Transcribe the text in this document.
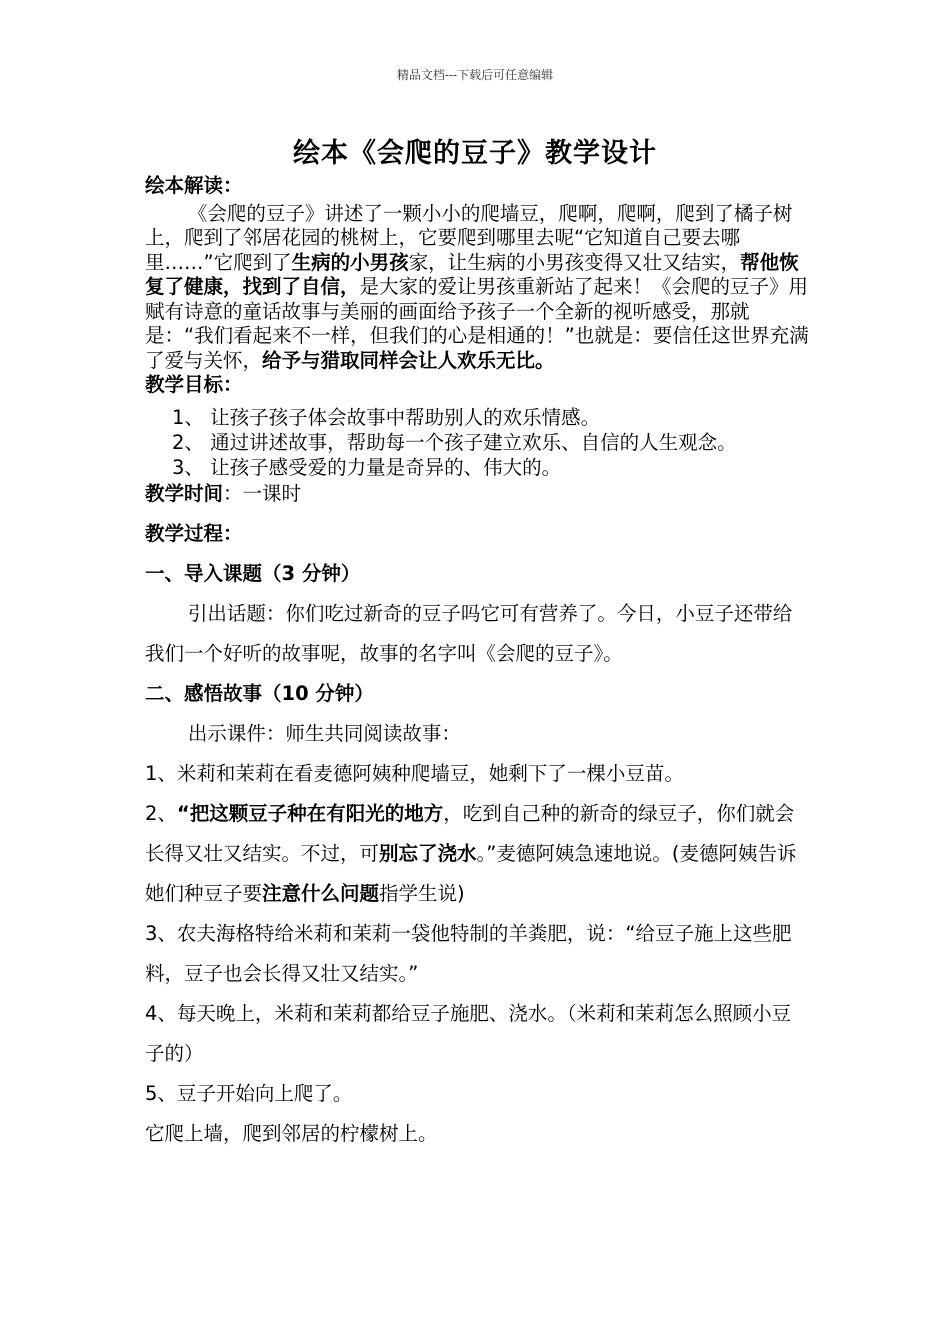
精品文档---下载后可任意编辑
绘本《会爬的豆子》教学设计

绘本解读：

《会爬的豆子》讲述了一颗小小的爬墙豆，爬啊，爬啊，爬到了橘子树上，爬到了邻居花园的桃树上，它要爬到哪里去呢“它知道自己要去哪里……”它爬到了生病的小男孩家，让生病的小男孩变得又壮又结实，帮他恢复了健康，找到了自信，是大家的爱让男孩重新站了起来！《会爬的豆子》用赋有诗意的童话故事与美丽的画面给予孩子一个全新的视听感受，那就是：“我们看起来不一样，但我们的心是相通的！”也就是：要信任这世界充满了爱与关怀，给予与猎取同样会让人欢乐无比。

教学目标：

1、 让孩子孩子体会故事中帮助别人的欢乐情感。

2、 通过讲述故事，帮助每一个孩子建立欢乐、自信的人生观念。

3、 让孩子感受爱的力量是奇异的、伟大的。

教学时间：一课时

教学过程：

一、导入课题（3 分钟）

引出话题：你们吃过新奇的豆子吗它可有营养了。今日，小豆子还带给我们一个好听的故事呢，故事的名字叫《会爬的豆子》。

二、感悟故事（10 分钟）

出示课件：师生共同阅读故事：

1、米莉和茉莉在看麦德阿姨种爬墙豆，她剩下了一棵小豆苗。

2、“把这颗豆子种在有阳光的地方，吃到自己种的新奇的绿豆子，你们就会长得又壮又结实。不过，可别忘了浇水。”麦德阿姨急速地说。(麦德阿姨告诉她们种豆子要注意什么问题指学生说)

3、农夫海格特给米莉和茉莉一袋他特制的羊粪肥，说：“给豆子施上这些肥料，豆子也会长得又壮又结实。”

4、每天晚上，米莉和茉莉都给豆子施肥、浇水。（米莉和茉莉怎么照顾小豆子的）

5、豆子开始向上爬了。

它爬上墙，爬到邻居的柠檬树上。
